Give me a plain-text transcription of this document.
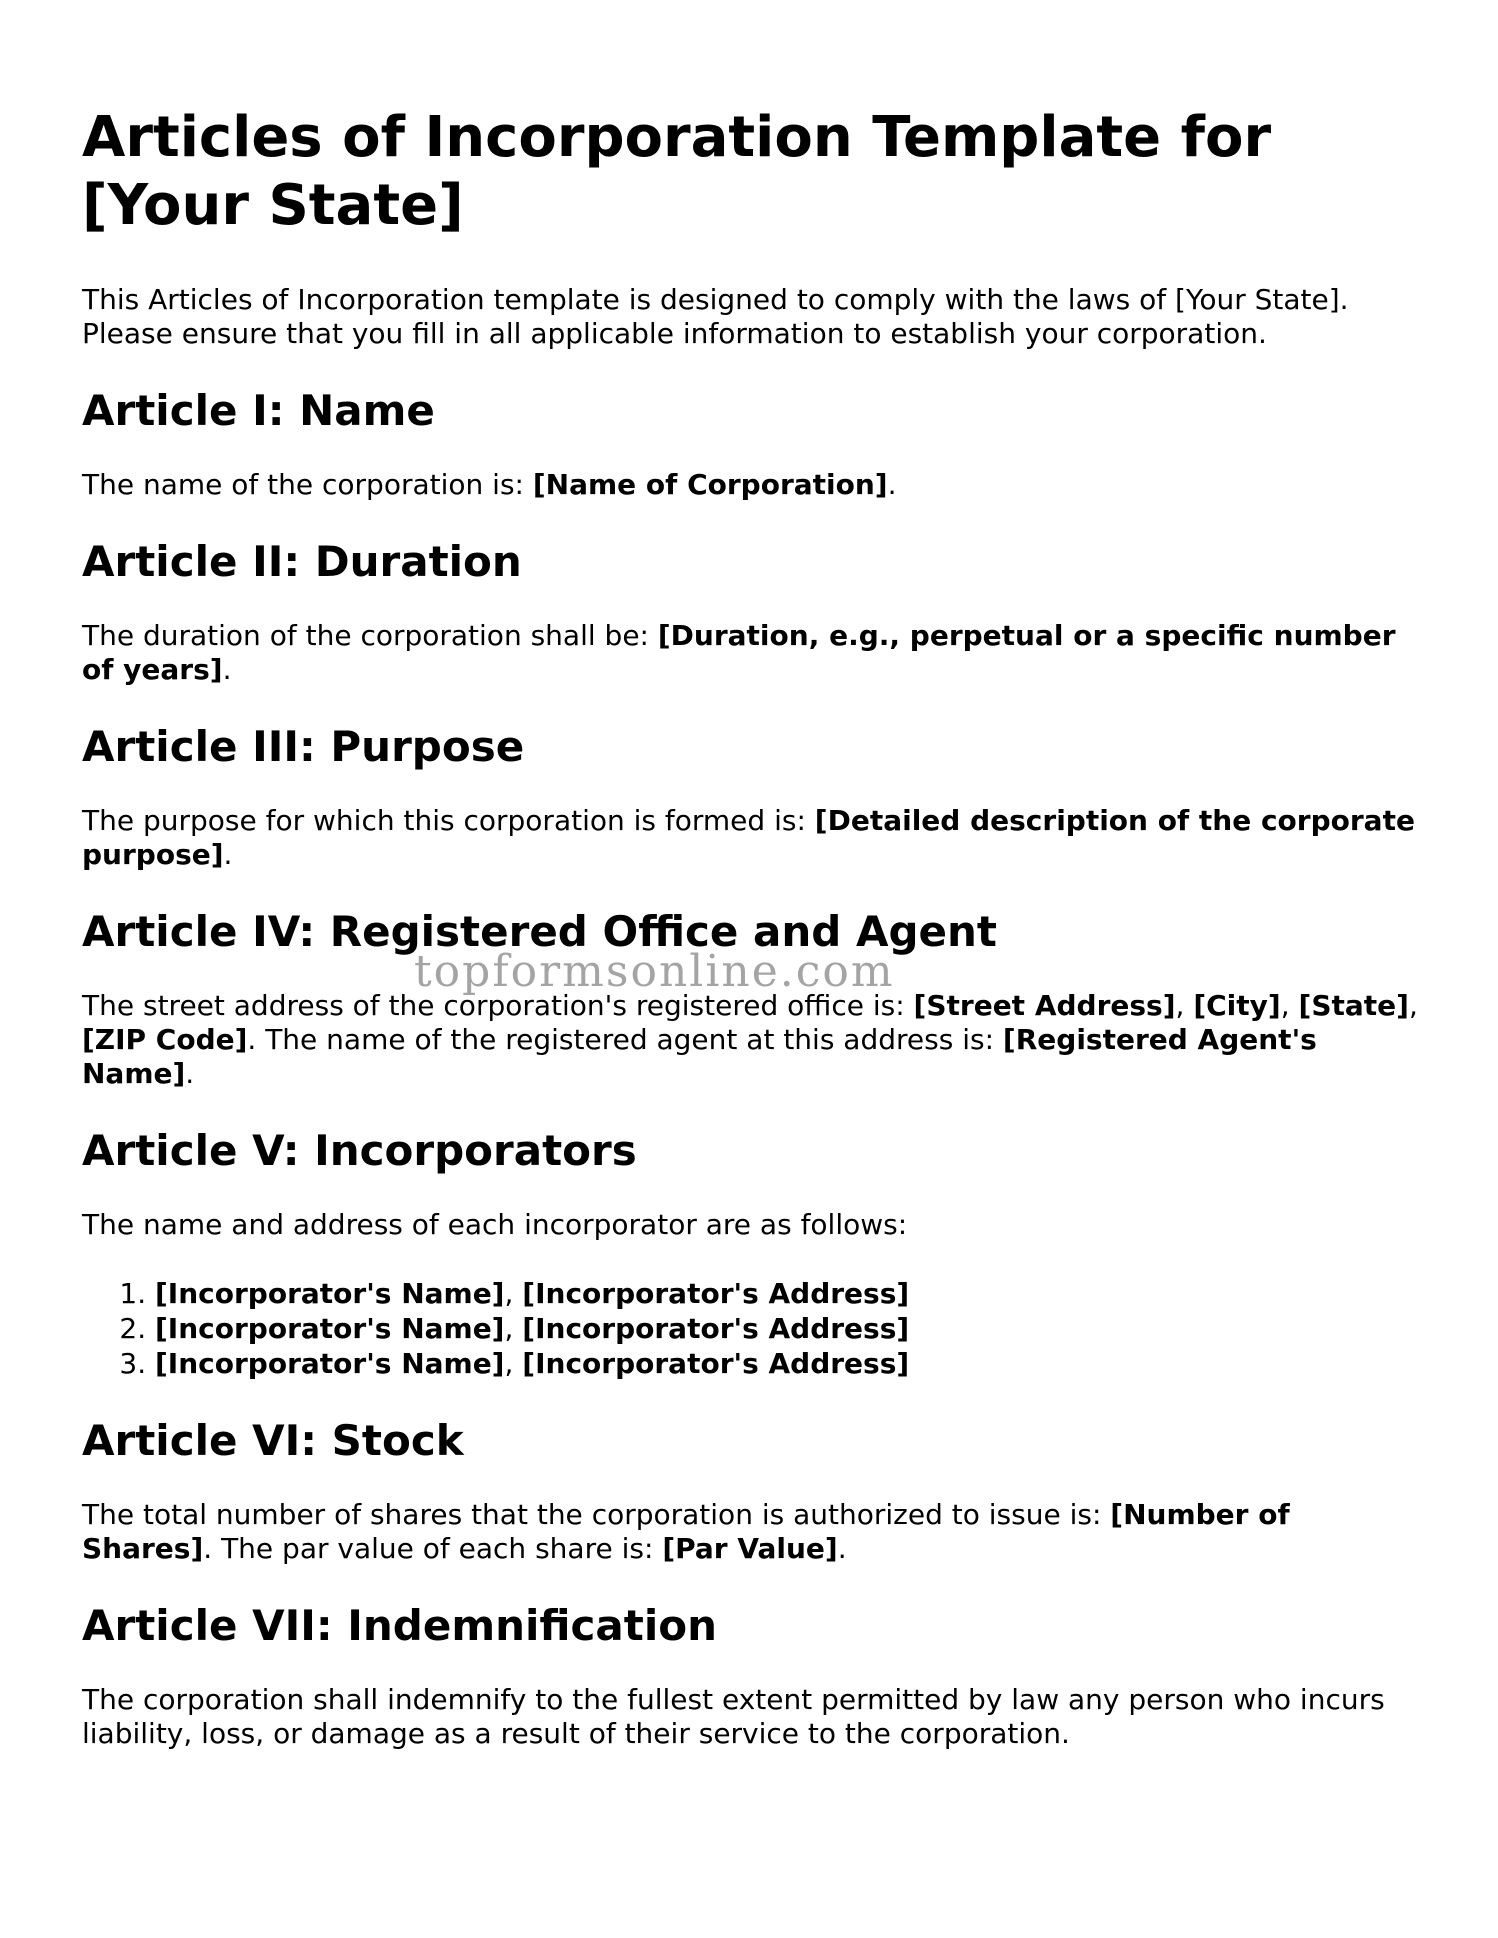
Articles of Incorporation Template for [Your State]

This Articles of Incorporation template is designed to comply with the laws of [Your State]. Please ensure that you fill in all applicable information to establish your corporation.

Article I: Name

The name of the corporation is: [Name of Corporation].

Article II: Duration

The duration of the corporation shall be: [Duration, e.g., perpetual or a specific number of years].

Article III: Purpose

The purpose for which this corporation is formed is: [Detailed description of the corporate purpose].

Article IV: Registered Office and Agent

The street address of the corporation's registered office is: [Street Address], [City], [State], [ZIP Code]. The name of the registered agent at this address is: [Registered Agent's Name].

Article V: Incorporators

The name and address of each incorporator are as follows:

1. [Incorporator's Name], [Incorporator's Address]
2. [Incorporator's Name], [Incorporator's Address]
3. [Incorporator's Name], [Incorporator's Address]
Article VI: Stock

The total number of shares that the corporation is authorized to issue is: [Number of Shares]. The par value of each share is: [Par Value].

Article VII: Indemnification

The corporation shall indemnify to the fullest extent permitted by law any person who incurs liability, loss, or damage as a result of their service to the corporation.

topformsonline.com
